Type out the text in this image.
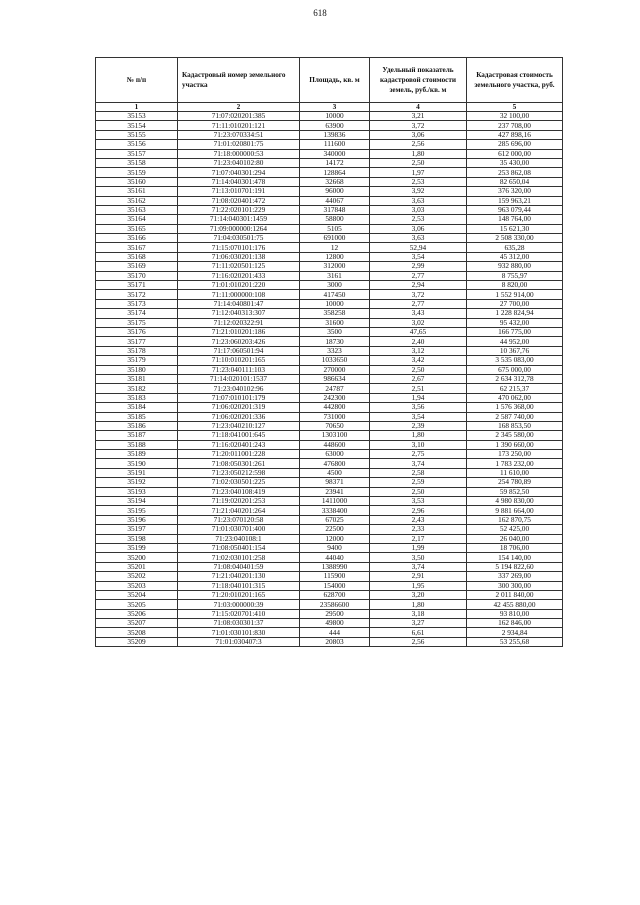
618
№ п/п	Кадастровый номер земельного участка	Площадь, кв. м	Удельный показатель кадастровой стоимости земель, руб./кв. м	Кадастровая стоимость земельного участка, руб.
1	2	3	4	5
35153	71:07:020201:385	10000	3,21	32 100,00
35154	71:11:010201:121	63900	3,72	237 708,00
35155	71:23:070334:51	139836	3,06	427 898,16
35156	71:01:020801:75	111600	2,56	285 696,00
35157	71:18:000000:53	340000	1,80	612 000,00
35158	71:23:040102:80	14172	2,50	35 430,00
35159	71:07:040301:294	128864	1,97	253 862,08
35160	71:14:040301:478	32668	2,53	82 650,04
35161	71:13:010701:191	96000	3,92	376 320,00
35162	71:08:020401:472	44067	3,63	159 963,21
35163	71:22:020101:229	317848	3,03	963 079,44
35164	71:14:040301:1459	58800	2,53	148 764,00
35165	71:09:000000:1264	5105	3,06	15 621,30
35166	71:04:030501:75	691000	3,63	2 508 330,00
35167	71:15:070101:176	12	52,94	635,28
35168	71:06:030201:138	12800	3,54	45 312,00
35169	71:11:020501:125	312000	2,99	932 880,00
35170	71:16:020201:433	3161	2,77	8 755,97
35171	71:01:010201:220	3000	2,94	8 820,00
35172	71:11:000000:108	417450	3,72	1 552 914,00
35173	71:14:040801:47	10000	2,77	27 700,00
35174	71:12:040313:307	358258	3,43	1 228 824,94
35175	71:12:020322:91	31600	3,02	95 432,00
35176	71:21:010201:186	3500	47,65	166 775,00
35177	71:23:060203:426	18730	2,40	44 952,00
35178	71:17:060501:94	3323	3,12	10 367,76
35179	71:10:010201:165	1033650	3,42	3 535 083,00
35180	71:23:040111:103	270000	2,50	675 000,00
35181	71:14:020101:1537	986634	2,67	2 634 312,78
35182	71:23:040102:96	24787	2,51	62 215,37
35183	71:07:010101:179	242300	1,94	470 062,00
35184	71:06:020201:319	442800	3,56	1 576 368,00
35185	71:06:020201:336	731000	3,54	2 587 740,00
35186	71:23:040210:127	70650	2,39	168 853,50
35187	71:18:041001:645	1303100	1,80	2 345 580,00
35188	71:16:020401:243	448600	3,10	1 390 660,00
35189	71:20:011001:228	63000	2,75	173 250,00
35190	71:08:050301:261	476800	3,74	1 783 232,00
35191	71:23:050212:598	4500	2,58	11 610,00
35192	71:02:030501:225	98371	2,59	254 780,89
35193	71:23:040108:419	23941	2,50	59 852,50
35194	71:19:020201:253	1411000	3,53	4 980 830,00
35195	71:21:040201:264	3338400	2,96	9 881 664,00
35196	71:23:070120:58	67025	2,43	162 870,75
35197	71:01:030701:400	22500	2,33	52 425,00
35198	71:23:040108:1	12000	2,17	26 040,00
35199	71:08:050401:154	9400	1,99	18 706,00
35200	71:02:030101:258	44040	3,50	154 140,00
35201	71:08:040401:59	1388990	3,74	5 194 822,60
35202	71:21:040201:130	115900	2,91	337 269,00
35203	71:18:040101:315	154000	1,95	300 300,00
35204	71:20:010201:165	628700	3,20	2 011 840,00
35205	71:03:000000:39	23586600	1,80	42 455 880,00
35206	71:15:020701:410	29500	3,18	93 810,00
35207	71:08:030301:37	49800	3,27	162 846,00
35208	71:01:030101:830	444	6,61	2 934,84
35209	71:01:030407:3	20803	2,56	53 255,68
